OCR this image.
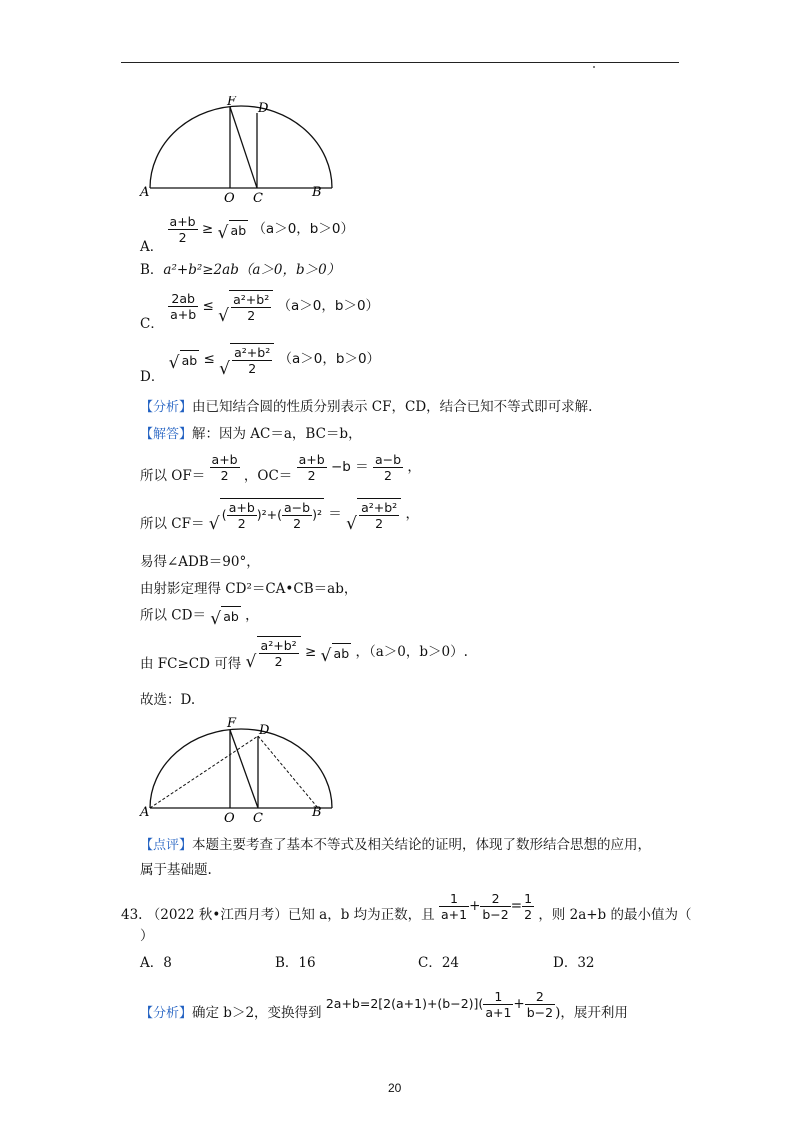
F D
A	O C	B
A．
$\frac{a+b}{2}$ ≥ √ ab （a＞0，b＞0）
B．a²+b²≥2ab（a＞0，b＞0）
C．
$\frac{2ab}{a+b}$ ≤ √ $\frac{\text{a²+b²}}{2} (a>0$，b＞0）
D． √ ab ≤ √ $\frac{\text{a²+b²}}{2} (a>0$，b＞0）
【分析】由已知结合圆的性质分别表示 CF，CD，结合已知不等式即可求解.
【解答】解：因为 AC＝a，BC＝b，
所以 $OF= \frac{a+b}{2}$ ，$OC= \frac{a+b}{2} -b = \frac{a-b}{2}$ ，
所以 CF＝ √ ( $\frac{a+b}{2} )^2+( \frac{a-b}{2} )^2$ ＝ √ $\frac{\text{a²+b²}}{2}$ ，
易得∠ADB＝90°，
由射影定理得 CD²＝CA•CB＝ab，
所以 CD＝ √ ab ，
由 FC≥CD 可得 √ $\frac{\text{a²+b²}}{2}$ ≥ √ ab ，（a＞0，b＞0）.
故选：D.
F D
A	O C	B
【点评】本题主要考查了基本不等式及相关结论的证明，体现了数形结合思想的应用，
属于基础题.
43. （2022 秋•江西月考）已知 a，b 均为正数，且 $\frac{1}{a+1} + \frac{2}{b-2} = \frac{1}{2}$ ，则 2a+b 的最小值为（
）
A．8	B．16	C．24	D．32
【分析】确定 b＞2，变换得到 $2a+b=2[2(a+1)+(b-2)]( \frac{1}{a+1} + \frac{2}{b-2}$ )，展开利用
20
